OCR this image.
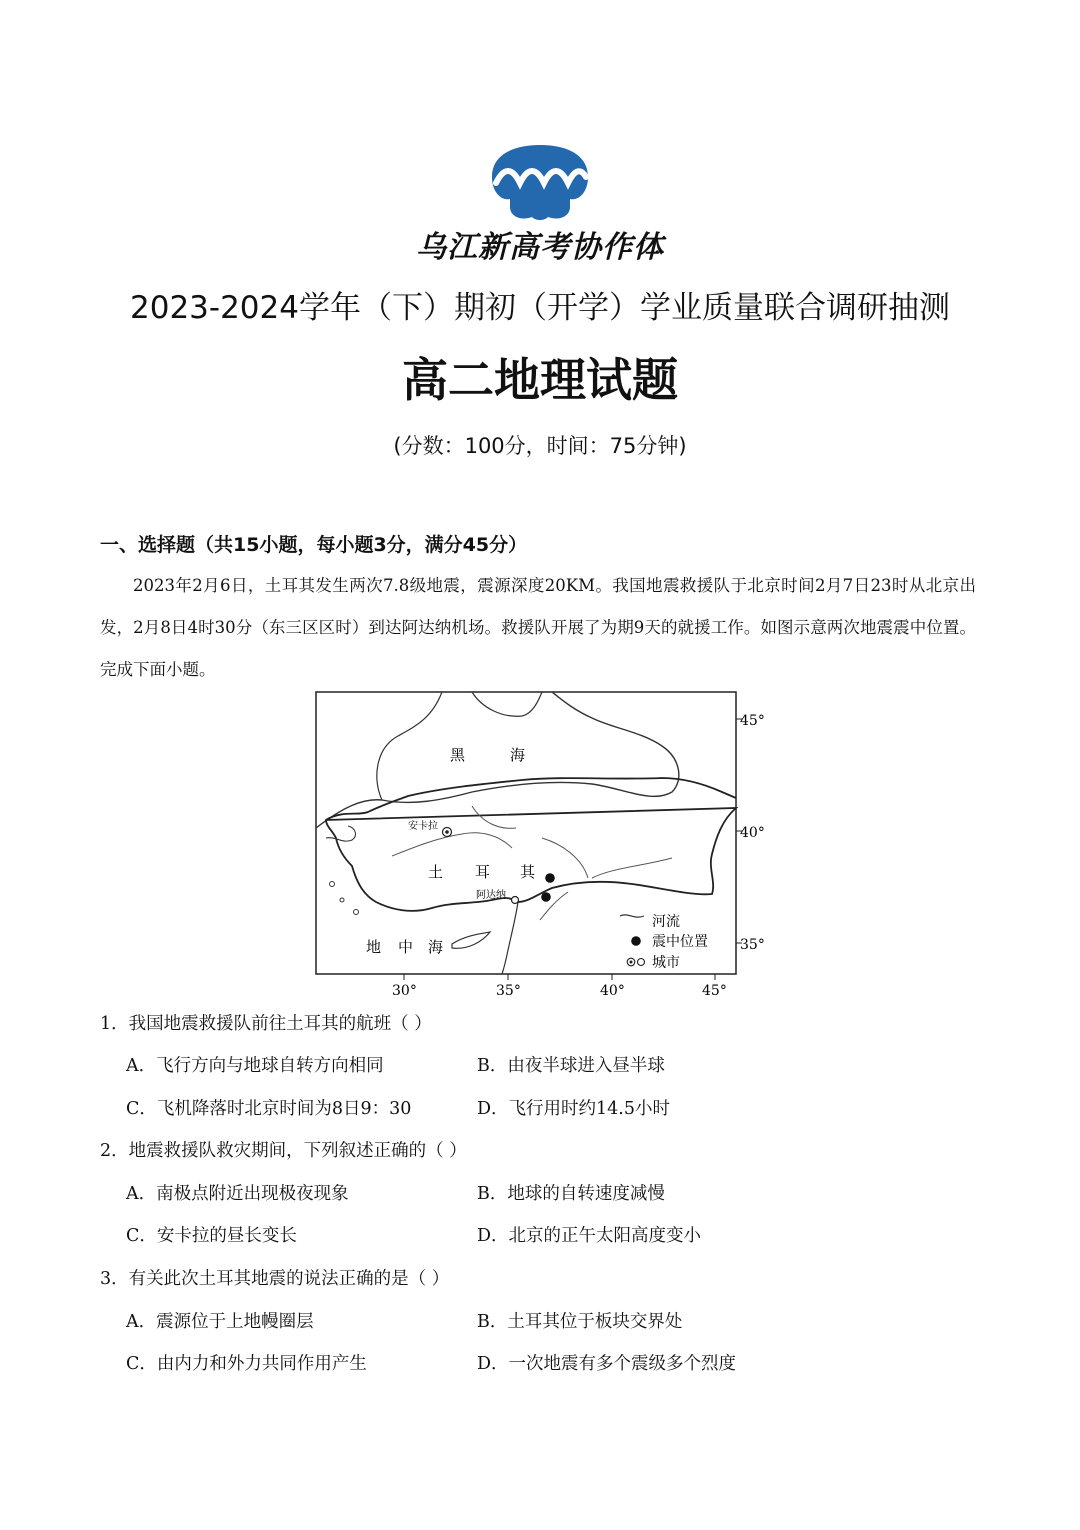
乌江新高考协作体
2023-2024学年（下）期初（开学）学业质量联合调研抽测
高二地理试题
(分数：100分，时间：75分钟)
一、选择题（共15小题，每小题3分，满分45分）

2023年2月6日，土耳其发生两次7.8级地震，震源深度20KM。我国地震救援队于北京时间2月7日23时从北京出发，2月8日4时30分（东三区区时）到达阿达纳机场。救援队开展了为期9天的就援工作。如图示意两次地震震中位置。完成下面小题。

黑	海
地 中 海
土 耳 其
安卡拉
阿达纳
河流
震中位置
城市
45°
40°
35°
30°	35°	40°	45°
1．我国地震救援队前往土耳其的航班（ ）
A．飞行方向与地球自转方向相同	B．由夜半球进入昼半球
C．飞机降落时北京时间为8日9：30	D．飞行用时约14.5小时
2．地震救援队救灾期间，下列叙述正确的（ ）
A．南极点附近出现极夜现象	B．地球的自转速度减慢
C．安卡拉的昼长变长	D．北京的正午太阳高度变小
3．有关此次土耳其地震的说法正确的是（ ）
A．震源位于上地幔圈层	B．土耳其位于板块交界处
C．由内力和外力共同作用产生	D．一次地震有多个震级多个烈度
